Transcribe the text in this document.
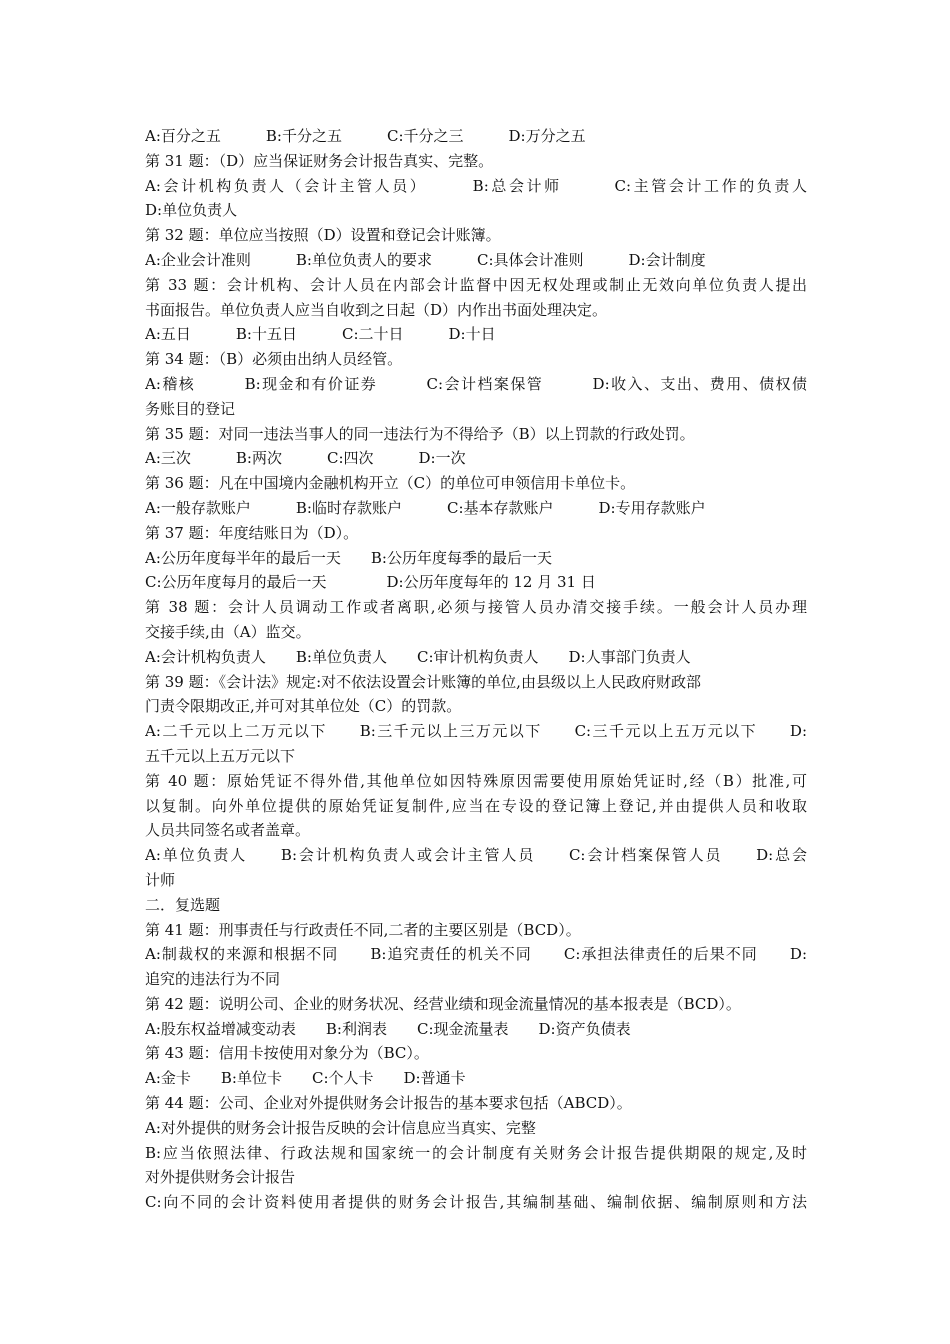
A:百分之五　　　B:千分之五　　　C:千分之三　　　D:万分之五
第 31 题：（D）应当保证财务会计报告真实、完整。
A:会计机构负责人（会计主管人员）　　　B:总会计师　　　C:主管会计工作的负责人
D:单位负责人
第 32 题：单位应当按照（D）设置和登记会计账簿。
A:企业会计准则　　　B:单位负责人的要求　　　C:具体会计准则　　　D:会计制度
第 33 题：会计机构、会计人员在内部会计监督中因无权处理或制止无效向单位负责人提出
书面报告。单位负责人应当自收到之日起（D）内作出书面处理决定。
A:五日　　　B:十五日　　　C:二十日　　　D:十日
第 34 题：（B）必须由出纳人员经管。
A:稽核　　　B:现金和有价证券　　　C:会计档案保管　　　D:收入、支出、费用、债权债
务账目的登记
第 35 题：对同一违法当事人的同一违法行为不得给予（B）以上罚款的行政处罚。
A:三次　　　B:两次　　　C:四次　　　D:一次
第 36 题：凡在中国境内金融机构开立（C）的单位可申领信用卡单位卡。
A:一般存款账户　　　B:临时存款账户　　　C:基本存款账户　　　D:专用存款账户
第 37 题：年度结账日为（D）。
A:公历年度每半年的最后一天　　B:公历年度每季的最后一天
C:公历年度每月的最后一天　　　　D:公历年度每年的 12 月 31 日
第 38 题：会计人员调动工作或者离职,必须与接管人员办清交接手续。一般会计人员办理
交接手续,由（A）监交。
A:会计机构负责人　　B:单位负责人　　C:审计机构负责人　　D:人事部门负责人
第 39 题：《会计法》规定:对不依法设置会计账簿的单位,由县级以上人民政府财政部
门责令限期改正,并可对其单位处（C）的罚款。
A:二千元以上二万元以下　　B:三千元以上三万元以下　　C:三千元以上五万元以下　　D:
五千元以上五万元以下
第 40 题：原始凭证不得外借,其他单位如因特殊原因需要使用原始凭证时,经（B）批准,可
以复制。向外单位提供的原始凭证复制件,应当在专设的登记簿上登记,并由提供人员和收取
人员共同签名或者盖章。
A:单位负责人　　B:会计机构负责人或会计主管人员　　C:会计档案保管人员　　D:总会
计师
二．复选题
第 41 题：刑事责任与行政责任不同,二者的主要区别是（BCD）。
A:制裁权的来源和根据不同　　B:追究责任的机关不同　　C:承担法律责任的后果不同　　D:
追究的违法行为不同
第 42 题：说明公司、企业的财务状况、经营业绩和现金流量情况的基本报表是（BCD）。
A:股东权益增减变动表　　B:利润表　　C:现金流量表　　D:资产负债表
第 43 题：信用卡按使用对象分为（BC）。
A:金卡　　B:单位卡　　C:个人卡　　D:普通卡
第 44 题：公司、企业对外提供财务会计报告的基本要求包括（ABCD）。
A:对外提供的财务会计报告反映的会计信息应当真实、完整
B:应当依照法律、行政法规和国家统一的会计制度有关财务会计报告提供期限的规定,及时
对外提供财务会计报告
C:向不同的会计资料使用者提供的财务会计报告,其编制基础、编制依据、编制原则和方法
